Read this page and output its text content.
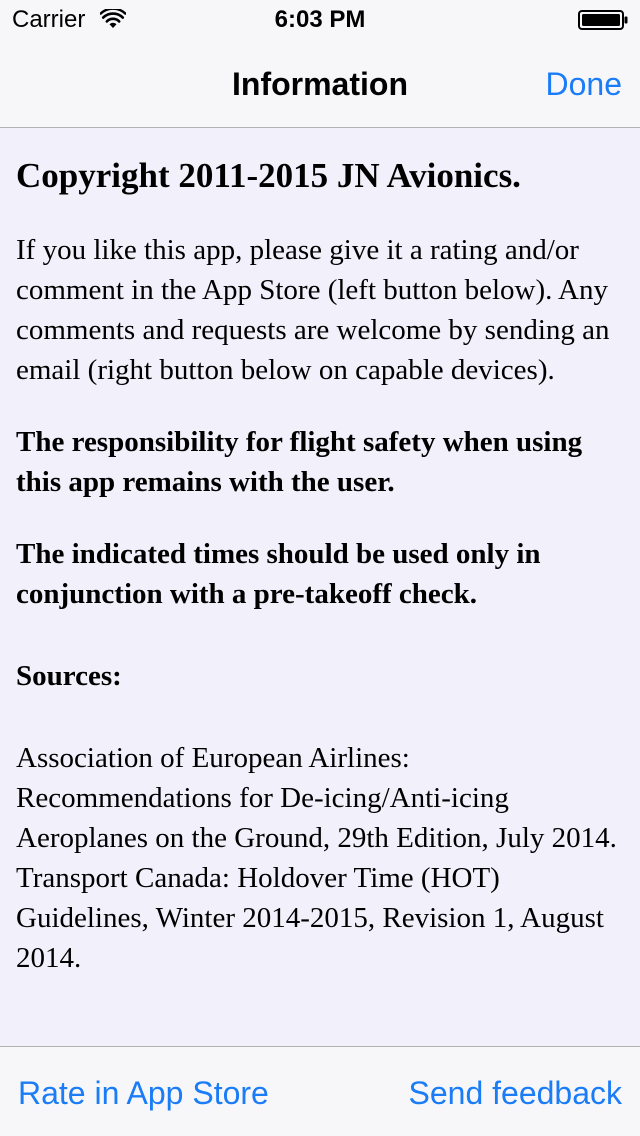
Carrier	6:03 PM
Information	Done

Copyright 2011-2015 JN Avionics.

If you like this app, please give it a rating and/or comment in the App Store (left button below). Any comments and requests are welcome by sending an email (right button below on capable devices).

The responsibility for flight safety when using this app remains with the user.

The indicated times should be used only in conjunction with a pre-takeoff check.

Sources:

Association of European Airlines: Recommendations for De-icing/Anti-icing Aeroplanes on the Ground, 29th Edition, July 2014.

Transport Canada: Holdover Time (HOT) Guidelines, Winter 2014-2015, Revision 1, August 2014.

Rate in App Store	Send feedback
